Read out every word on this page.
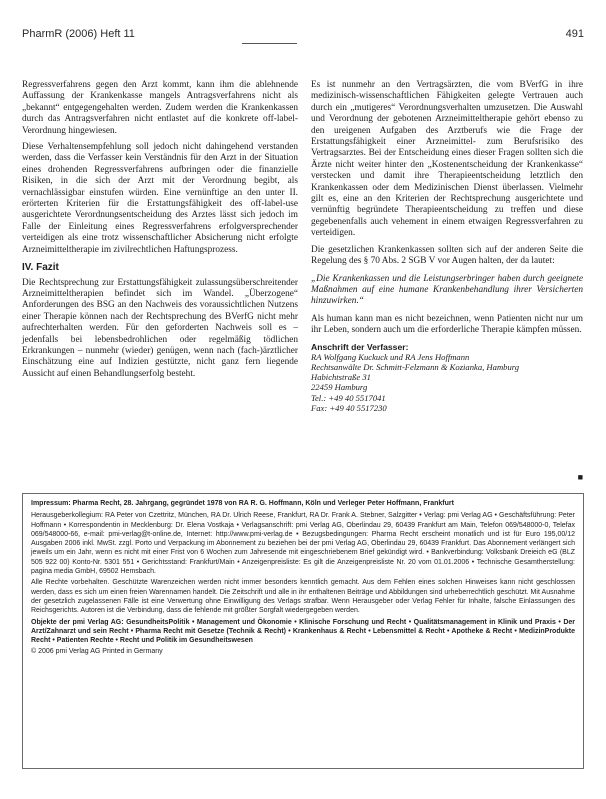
PharmR (2006) Heft 11	491

Regressverfahrens gegen den Arzt kommt, kann ihm die ablehnende Auffassung der Krankenkasse mangels Antragsverfahrens nicht als „bekannt“ entgegengehalten werden. Zudem werden die Krankenkassen durch das Antragsverfahren nicht entlastet auf die konkrete off-label-Verordnung hingewiesen.

Diese Verhaltensempfehlung soll jedoch nicht dahingehend verstanden werden, dass die Verfasser kein Verständnis für den Arzt in der Situation eines drohenden Regressverfahrens aufbringen oder die finanzielle Risiken, in die sich der Arzt mit der Verordnung begibt, als vernachlässigbar einstufen würden. Eine vernünftige an den unter II. erörterten Kriterien für die Erstattungsfähigkeit des off-label-use ausgerichtete Verordnungsentscheidung des Arztes lässt sich jedoch im Falle der Einleitung eines Regressverfahrens erfolgversprechender verteidigen als eine trotz wissenschaftlicher Absicherung nicht erfolgte Arzneimitteltherapie im zivilrechtlichen Haftungsprozess.

IV. Fazit

Die Rechtsprechung zur Erstattungsfähigkeit zulassungsüberschreitender Arzneimitteltherapien befindet sich im Wandel. „Überzogene“ Anforderungen des BSG an den Nachweis des voraussichtlichen Nutzens einer Therapie können nach der Rechtsprechung des BVerfG nicht mehr aufrechterhalten werden. Für den geforderten Nachweis soll es – jedenfalls bei lebensbedrohlichen oder regelmäßig tödlichen Erkrankungen – nunmehr (wieder) genügen, wenn nach (fach-)ärztlicher Einschätzung eine auf Indizien gestützte, nicht ganz fern liegende Aussicht auf einen Behandlungserfolg besteht.

Es ist nunmehr an den Vertragsärzten, die vom BVerfG in ihre medizinisch-wissenschaftlichen Fähigkeiten gelegte Vertrauen auch durch ein „mutigeres“ Verordnungsverhalten umzusetzen. Die Auswahl und Verordnung der gebotenen Arzneimitteltherapie gehört ebenso zu den ureigenen Aufgaben des Arztberufs wie die Frage der Erstattungsfähigkeit einer Arzneimittel- zum Berufsrisiko des Vertragsarztes. Bei der Entscheidung eines dieser Fragen sollten sich die Ärzte nicht weiter hinter den „Kostenentscheidung der Krankenkasse“ verstecken und damit ihre Therapieentscheidung letztlich den Krankenkassen oder dem Medizinischen Dienst überlassen. Vielmehr gilt es, eine an den Kriterien der Rechtsprechung ausgerichtete und vernünftig begründete Therapieentscheidung zu treffen und diese gegebenenfalls auch vehement in einem etwaigen Regressverfahren zu verteidigen.

Die gesetzlichen Krankenkassen sollten sich auf der anderen Seite die Regelung des § 70 Abs. 2 SGB V vor Augen halten, der da lautet:

„Die Krankenkassen und die Leistungserbringer haben durch geeignete Maßnahmen auf eine humane Krankenbehandlung ihrer Versicherten hinzuwirken.“

Als human kann man es nicht bezeichnen, wenn Patienten nicht nur um ihr Leben, sondern auch um die erforderliche Therapie kämpfen müssen.

Anschrift der Verfasser:
RA Wolfgang Kuckuck und RA Jens Hoffmann
Rechtsanwälte Dr. Schmitt-Felzmann & Kozianka, Hamburg
Habichtstraße 31
22459 Hamburg
Tel.: +49 40 5517041
Fax: +49 40 5517230
■
Impressum: Pharma Recht, 28. Jahrgang, gegründet 1978 von RA R. G. Hoffmann, Köln und Verleger Peter Hoffmann, Frankfurt

Herausgeberkollegium: RA Peter von Czettritz, München, RA Dr. Ulrich Reese, Frankfurt, RA Dr. Frank A. Stebner, Salzgitter • Verlag: pmi Verlag AG • Geschäftsführung: Peter Hoffmann • Korrespondentin in Mecklenburg: Dr. Elena Vostkaja • Verlagsanschrift: pmi Verlag AG, Oberlindau 29, 60439 Frankfurt am Main, Telefon 069/548000-0, Telefax 069/548000-66, e-mail: pmi-verlag@t-online.de, Internet: http://www.pmi-verlag.de • Bezugsbedingungen: Pharma Recht erscheint monatlich und ist für Euro 195,00/12 Ausgaben 2006 inkl. MwSt. zzgl. Porto und Verpackung im Abonnement zu beziehen bei der pmi Verlag AG, Oberlindau 29, 60439 Frankfurt. Das Abonnement verlängert sich jeweils um ein Jahr, wenn es nicht mit einer Frist von 6 Wochen zum Jahresende mit eingeschriebenem Brief gekündigt wird. • Bankverbindung: Volksbank Dreieich eG (BLZ 505 922 00) Konto-Nr. 5301 551 • Gerichtsstand: Frankfurt/Main • Anzeigenpreisliste: Es gilt die Anzeigenpreisliste Nr. 20 vom 01.01.2006 • Technische Gesamtherstellung: pagina media GmbH, 69502 Hemsbach.

Alle Rechte vorbehalten. Geschützte Warenzeichen werden nicht immer besonders kenntlich gemacht. Aus dem Fehlen eines solchen Hinweises kann nicht geschlossen werden, dass es sich um einen freien Warennamen handelt. Die Zeitschrift und alle in ihr enthaltenen Beiträge und Abbildungen sind urheberrechtlich geschützt. Mit Ausnahme der gesetzlich zugelassenen Fälle ist eine Verwertung ohne Einwilligung des Verlags strafbar. Wenn Herausgeber oder Verlag Fehler für Inhalte, falsche Einlassungen des Reichsgerichts. Autoren ist die Verbindung, dass die fehlende mit größter Sorgfalt wiedergegeben werden.

Objekte der pmi Verlag AG: GesundheitsPolitik • Management und Ökonomie • Klinische Forschung und Recht • Qualitätsmanagement in Klinik und Praxis • Der Arzt/Zahnarzt und sein Recht • Pharma Recht mit Gesetze (Technik & Recht) • Krankenhaus & Recht • Lebensmittel & Recht • Apotheke & Recht • MedizinProdukte Recht • Patienten Rechte • Recht und Politik im Gesundheitswesen

© 2006 pmi Verlag AG Printed in Germany
